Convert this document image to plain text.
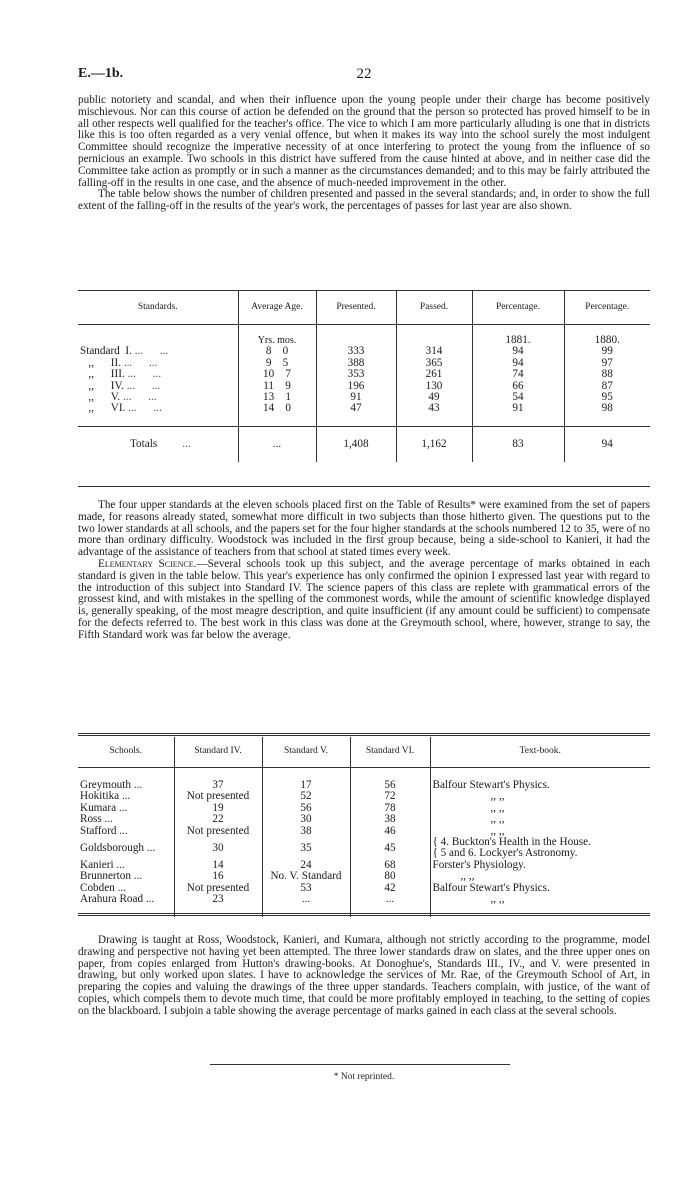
E.—1b.	22

public notoriety and scandal, and when their influence upon the young people under their charge has become positively mischievous. Nor can this course of action be defended on the ground that the person so protected has proved himself to be in all other respects well qualified for the teacher's office. The vice to which I am more particularly alluding is one that in districts like this is too often regarded as a very venial offence, but when it makes its way into the school surely the most indulgent Committee should recognize the imperative necessity of at once interfering to protect the young from the influence of so pernicious an example. Two schools in this district have suffered from the cause hinted at above, and in neither case did the Committee take action as promptly or in such a manner as the circumstances demanded; and to this may be fairly attributed the falling-off in the results in one case, and the absence of much-needed improvement in the other.

The table below shows the number of children presented and passed in the several standards; and, in order to show the full extent of the falling-off in the results of the year's work, the percentages of passes for last year are also shown.

Standards.	Average Age.	Presented.	Passed.	Percentage.	Percentage.
	Yrs. mos.			1881.	1880.
Standard I. ...      ...	8 0	333	314	94	99
,, II. ...      ...	9 5	388	365	94	97
,, III. ...      ...	10 7	353	261	74	88
,, IV. ...      ...	11 9	196	130	66	87
,, V. ...      ...	13 1	91	49	54	95
,, VI. ...      ...	14 0	47	43	91	98
Totals         ...	...	1,408	1,162	83	94

The four upper standards at the eleven schools placed first on the Table of Results* were examined from the set of papers made, for reasons already stated, somewhat more difficult in two subjects than those hitherto given. The questions put to the two lower standards at all schools, and the papers set for the four higher standards at the schools numbered 12 to 35, were of no more than ordinary difficulty. Woodstock was included in the first group because, being a side-school to Kanieri, it had the advantage of the assistance of teachers from that school at stated times every week.

Elementary Science.—Several schools took up this subject, and the average percentage of marks obtained in each standard is given in the table below. This year's experience has only confirmed the opinion I expressed last year with regard to the introduction of this subject into Standard IV. The science papers of this class are replete with grammatical errors of the grossest kind, and with mistakes in the spelling of the commonest words, while the amount of scientific knowledge displayed is, generally speaking, of the most meagre description, and quite insufficient (if any amount could be sufficient) to compensate for the defects referred to. The best work in this class was done at the Greymouth school, where, however, strange to say, the Fifth Standard work was far below the average.

Schools.	Standard IV.	Standard V.	Standard VI.	Text-book.
Greymouth ...	37	17	56	Balfour Stewart's Physics.
Hokitika ...	Not presented	52	72	,, ,,
Kumara ...	19	56	78	,, ,,
Ross ...	22	30	38	,, ,,
Stafford ...	Not presented	38	46	,, ,,
Goldsborough ...	30	35	45	{ 4. Buckton's Health in the House.
{ 5 and 6. Lockyer's Astronomy.

Kanieri ...	14	24	68	Forster's Physiology.
Brunnerton ...	16	No. V. Standard	80	,, ,,
Cobden ...	Not presented	53	42	Balfour Stewart's Physics.
Arahura Road ...	23	...	...	,, ,,

Drawing is taught at Ross, Woodstock, Kanieri, and Kumara, although not strictly according to the programme, model drawing and perspective not having yet been attempted. The three lower standards draw on slates, and the three upper ones on paper, from copies enlarged from Hutton's drawing-books. At Donoghue's, Standards III., IV., and V. were presented in drawing, but only worked upon slates. I have to acknowledge the services of Mr. Rae, of the Greymouth School of Art, in preparing the copies and valuing the drawings of the three upper standards. Teachers complain, with justice, of the want of copies, which compels them to devote much time, that could be more profitably employed in teaching, to the setting of copies on the blackboard. I subjoin a table showing the average percentage of marks gained in each class at the several schools.

* Not reprinted.
